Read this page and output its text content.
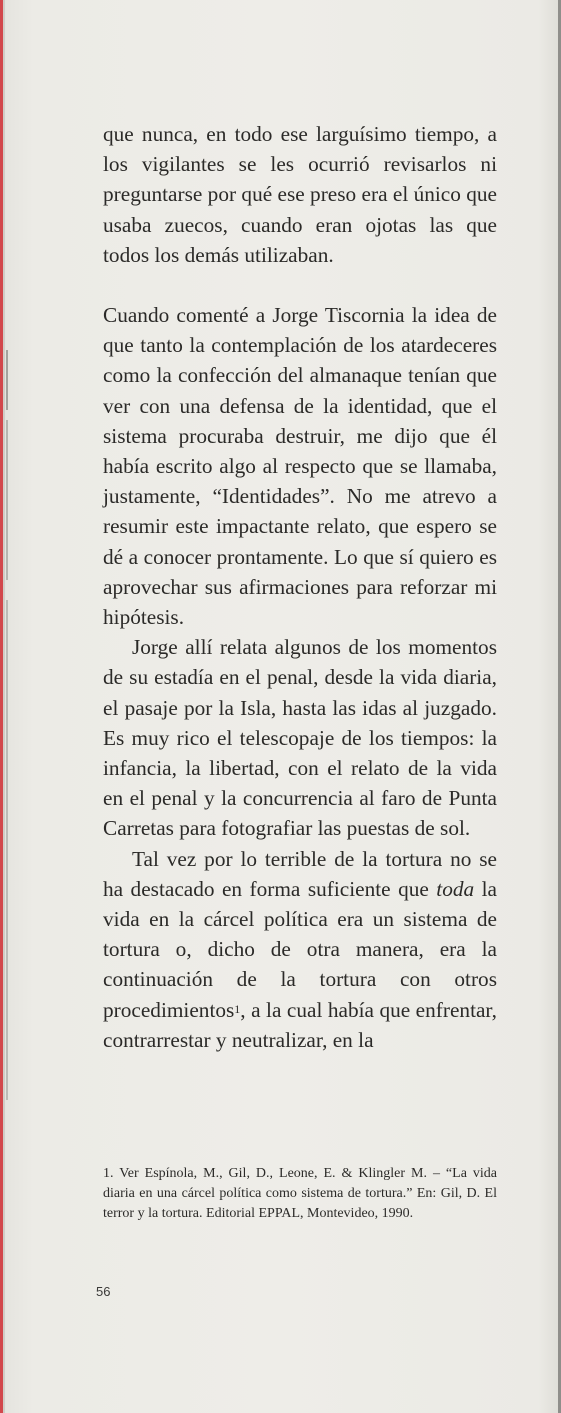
que nunca, en todo ese larguísimo tiempo, a los vigilantes se les ocurrió revisarlos ni preguntarse por qué ese preso era el único que usaba zuecos, cuando eran ojotas las que todos los demás utilizaban.

Cuando comenté a Jorge Tiscornia la idea de que tanto la contemplación de los atardeceres como la confección del almanaque tenían que ver con una defensa de la identidad, que el sistema procuraba destruir, me dijo que él había escrito algo al respecto que se llamaba, justamente, “Identidades”. No me atrevo a resumir este impactante relato, que espero se dé a conocer prontamente. Lo que sí quiero es aprovechar sus afirmaciones para reforzar mi hipótesis.

Jorge allí relata algunos de los momentos de su estadía en el penal, desde la vida diaria, el pasaje por la Isla, hasta las idas al juzgado. Es muy rico el telescopaje de los tiempos: la infancia, la libertad, con el relato de la vida en el penal y la concurrencia al faro de Punta Carretas para fotografiar las puestas de sol.

Tal vez por lo terrible de la tortura no se ha destacado en forma suficiente que toda la vida en la cárcel política era un sistema de tortura o, dicho de otra manera, era la continuación de la tortura con otros procedimientos$^1$, a la cual había que enfrentar, contrarrestar y neutralizar, en la

1. Ver Espínola, M., Gil, D., Leone, E. & Klingler M. – “La vida diaria en una cárcel política como sistema de tortura.” En: Gil, D. El terror y la tortura. Editorial EPPAL, Montevideo, 1990.

56
